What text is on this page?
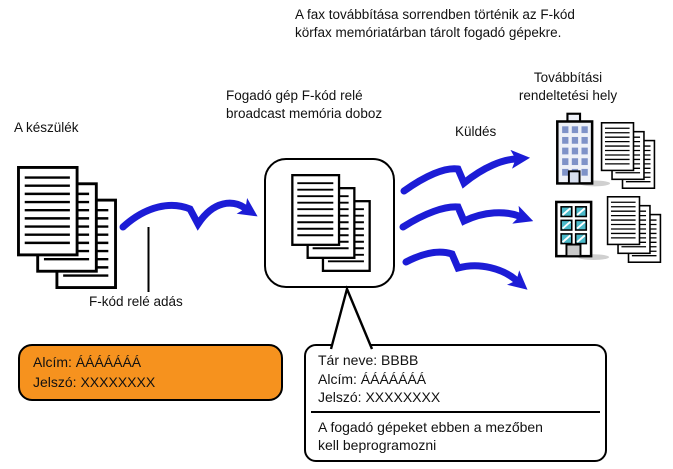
A fax továbbítása sorrendben történik az F-kód
körfax memóriatárban tárolt fogadó gépekre.
A készülék
Fogadó gép F-kód relé
broadcast memória doboz
Továbbítási
rendeltetési hely
Küldés
F-kód relé adás
Alcím: ÁÁÁÁÁÁÁ
Jelszó: XXXXXXXX
Tár neve: BBBB
Alcím: ÁÁÁÁÁÁÁ
Jelszó: XXXXXXXX
A fogadó gépeket ebben a mezőben
kell beprogramozni
